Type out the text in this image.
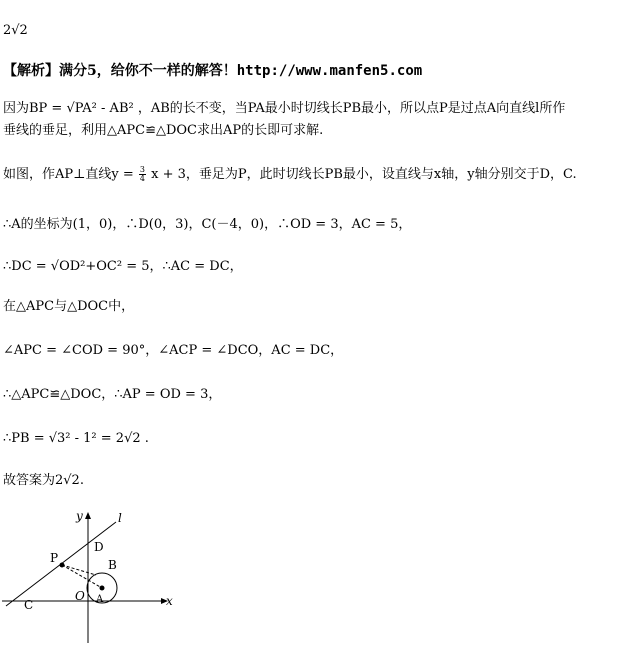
2√2
【解析】满分5，给你不一样的解答！http://www.manfen5.com
因为BP = √PA² - AB² ，AB的长不变，当PA最小时切线长PB最小，所以点P是过点A向直线l所作
垂线的垂足，利用△APC≌△DOC求出AP的长即可求解.
如图，作AP⊥直线$y = \frac{3}{4}$ x + 3，垂足为P，此时切线长PB最小，设直线与x轴，y轴分别交于D，C.
∴A的坐标为(1，0)，∴D(0，3)，C(－4，0)，∴OD = 3，AC = 5，
∴DC = √OD²+OC² = 5，∴AC = DC，
在△APC与△DOC中，
∠APC = ∠COD = 90°，∠ACP = ∠DCO，AC = DC，
∴△APC≌△DOC，∴AP = OD = 3，
∴PB = √3² - 1² = 2√2 .
故答案为2√2.
y
x
l
P
D
B
C
O A
